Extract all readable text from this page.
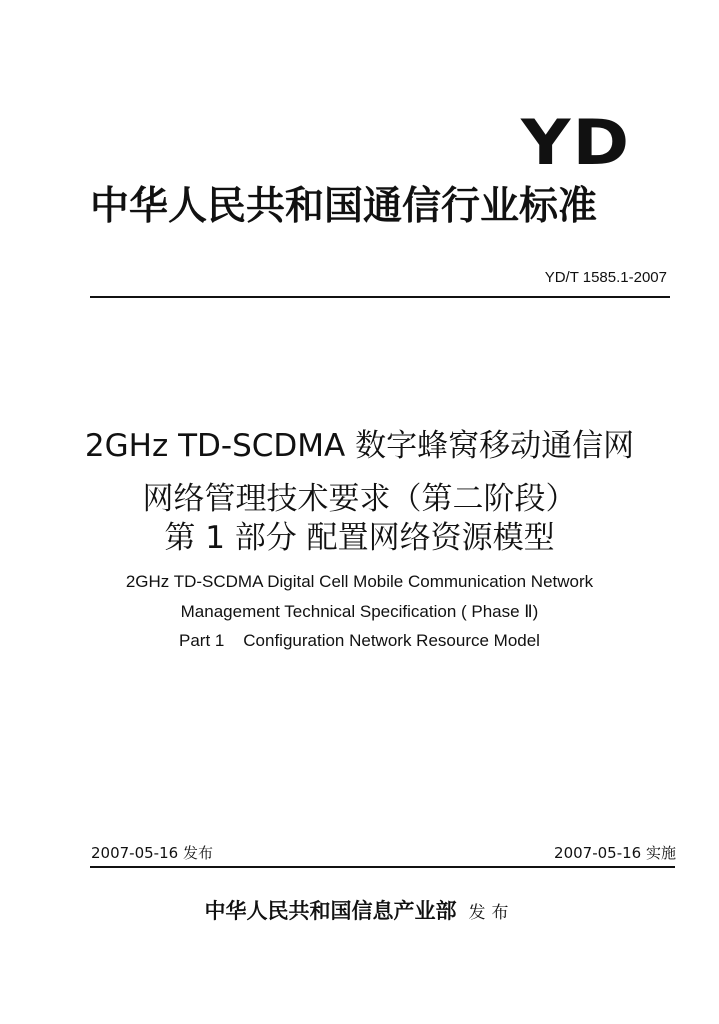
YD
中华人民共和国通信行业标准
YD/T 1585.1-2007
2GHz TD-SCDMA 数字蜂窝移动通信网
网络管理技术要求（第二阶段）
第 1 部分 配置网络资源模型
2GHz TD-SCDMA Digital Cell Mobile Communication Network
Management Technical Specification ( Phase Ⅱ)
Part 1    Configuration Network Resource Model
2007-05-16 发布	2007-05-16 实施
中华人民共和国信息产业部 发布
